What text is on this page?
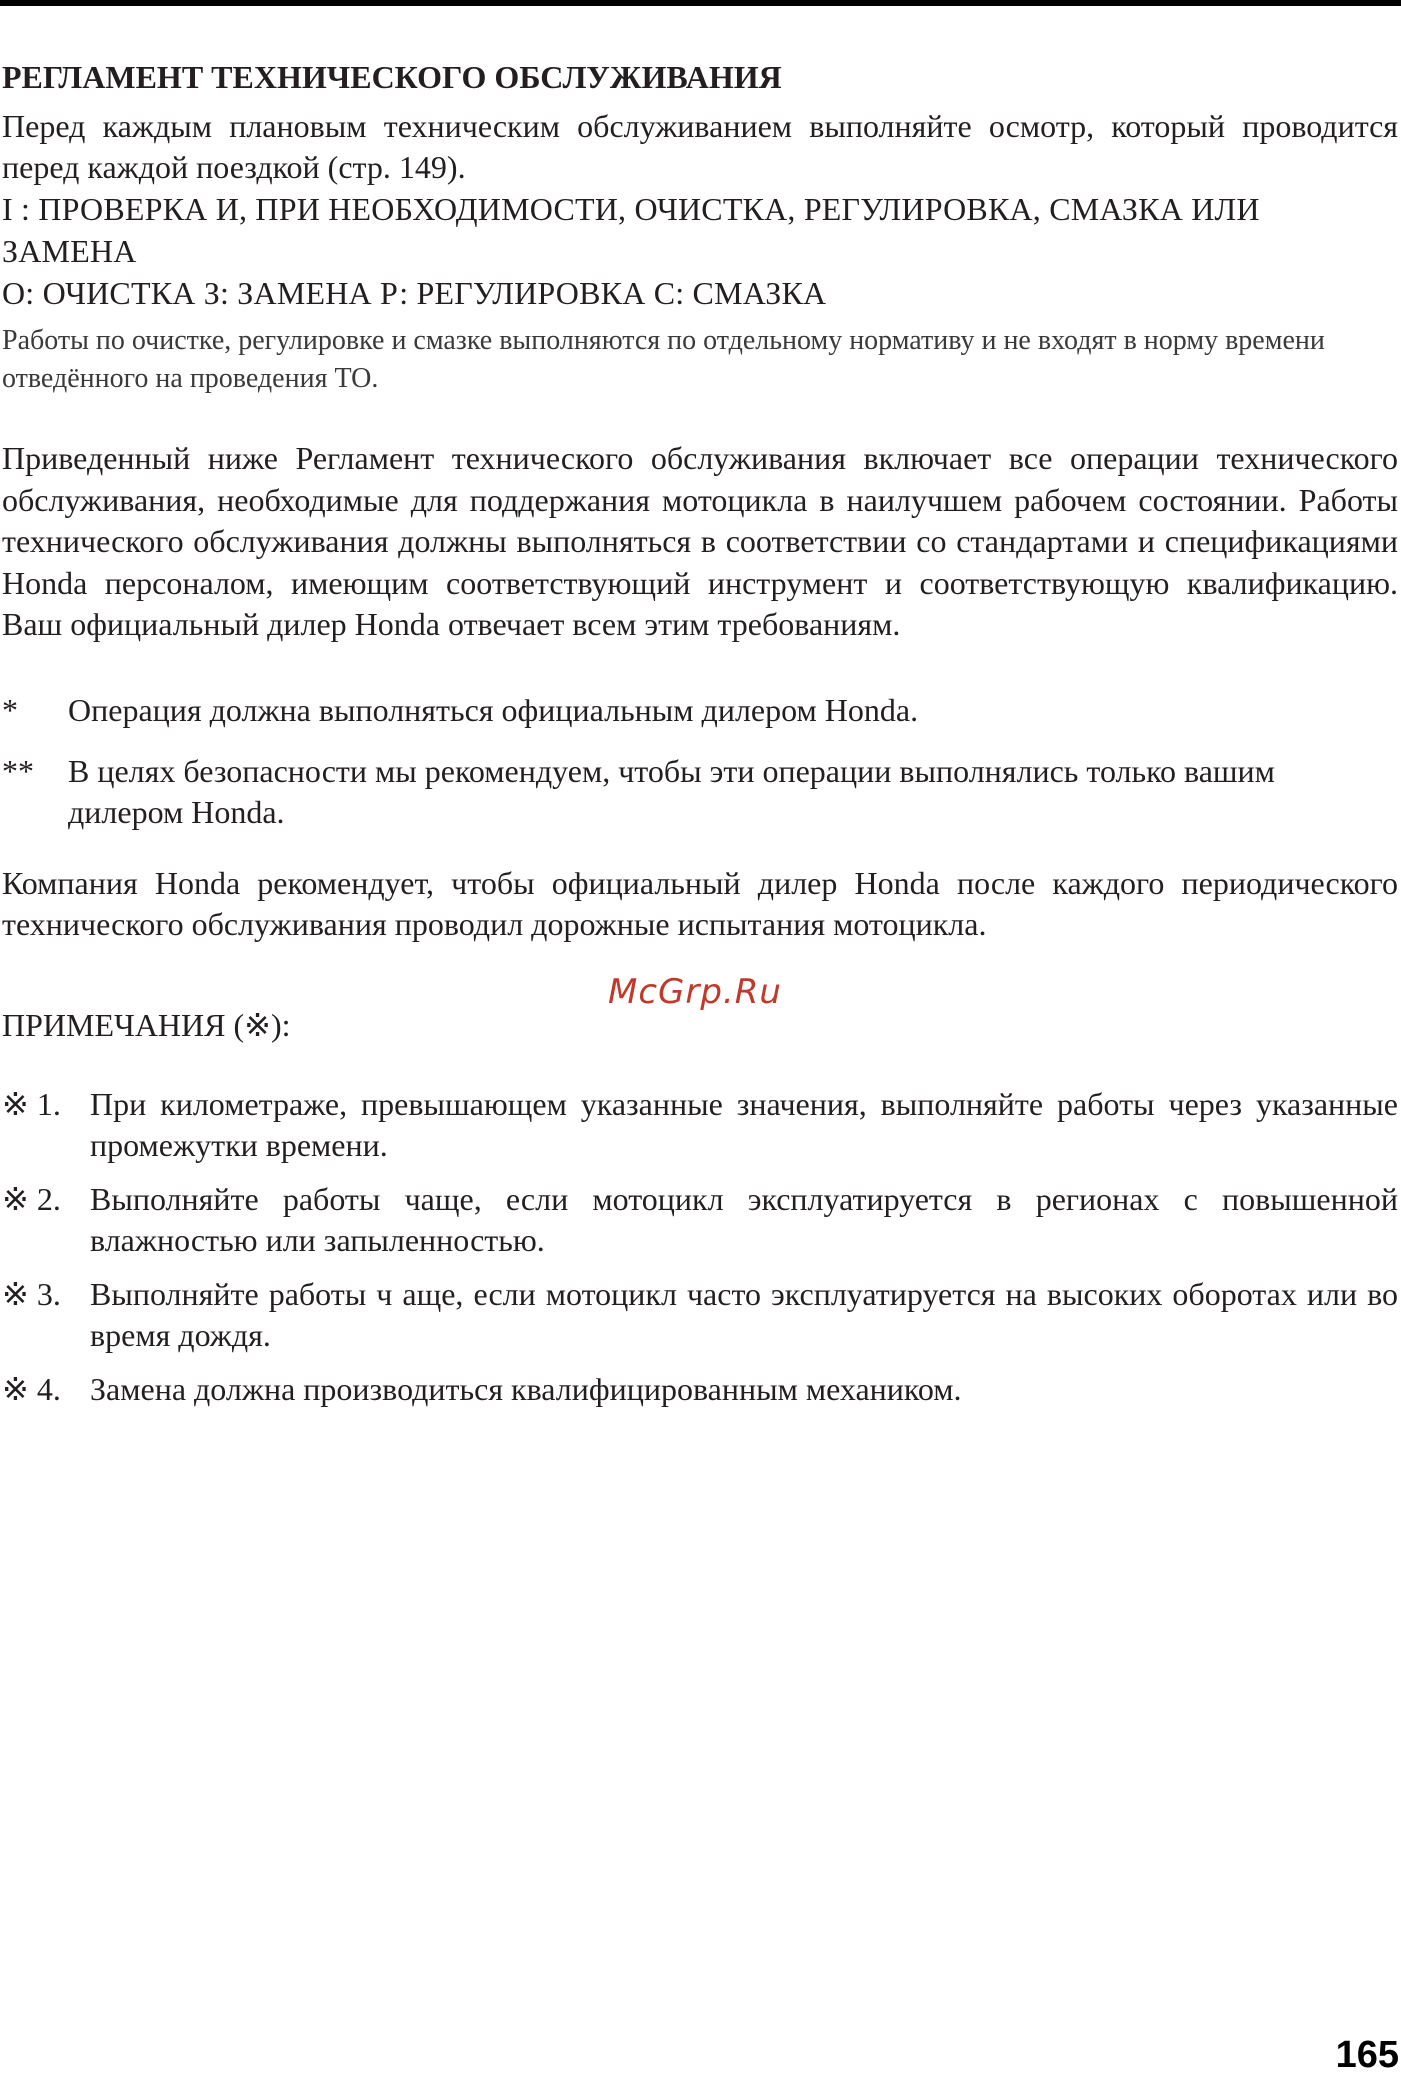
РЕГЛАМЕНТ ТЕХНИЧЕСКОГО ОБСЛУЖИВАНИЯ

Перед каждым плановым техническим обслуживанием выполняйте осмотр, который проводится перед каждой поездкой (стр. 149).

I : ПРОВЕРКА И, ПРИ НЕОБХОДИМОСТИ, ОЧИСТКА, РЕГУЛИРОВКА, СМАЗКА ИЛИ ЗАМЕНА

О: ОЧИСТКА З: ЗАМЕНА Р: РЕГУЛИРОВКА С: СМАЗКА

Работы по очистке, регулировке и смазке выполняются по отдельному нормативу и не входят в норму времени отведённого на проведения ТО.

Приведенный ниже Регламент технического обслуживания включает все операции технического обслуживания, необходимые для поддержания мотоцикла в наилучшем рабочем состоянии. Работы технического обслуживания должны выполняться в соответствии со стандартами и спецификациями Honda персоналом, имеющим соответствующий инструмент и соответствующую квалификацию. Ваш официальный дилер Honda отвечает всем этим требованиям.

*	Операция должна выполняться официальным дилером Honda.
**	В целях безопасности мы рекомендуем, чтобы эти операции выполнялись только вашим дилером Honda.

Компания Honda рекомендует, чтобы официальный дилер Honda после каждого периодического технического обслуживания проводил дорожные испытания мотоцикла.

McGrp.Ru
ПРИМЕЧАНИЯ (※):
※ 1. При километраже, превышающем указанные значения, выполняйте работы через указанные промежутки времени.
※ 2. Выполняйте работы чаще, если мотоцикл эксплуатируется в регионах с повышенной влажностью или запыленностью.
※ 3. Выполняйте работы ч аще, если мотоцикл часто эксплуатируется на высоких оборотах или во время дождя.
※ 4. Замена должна производиться квалифицированным механиком.
165
